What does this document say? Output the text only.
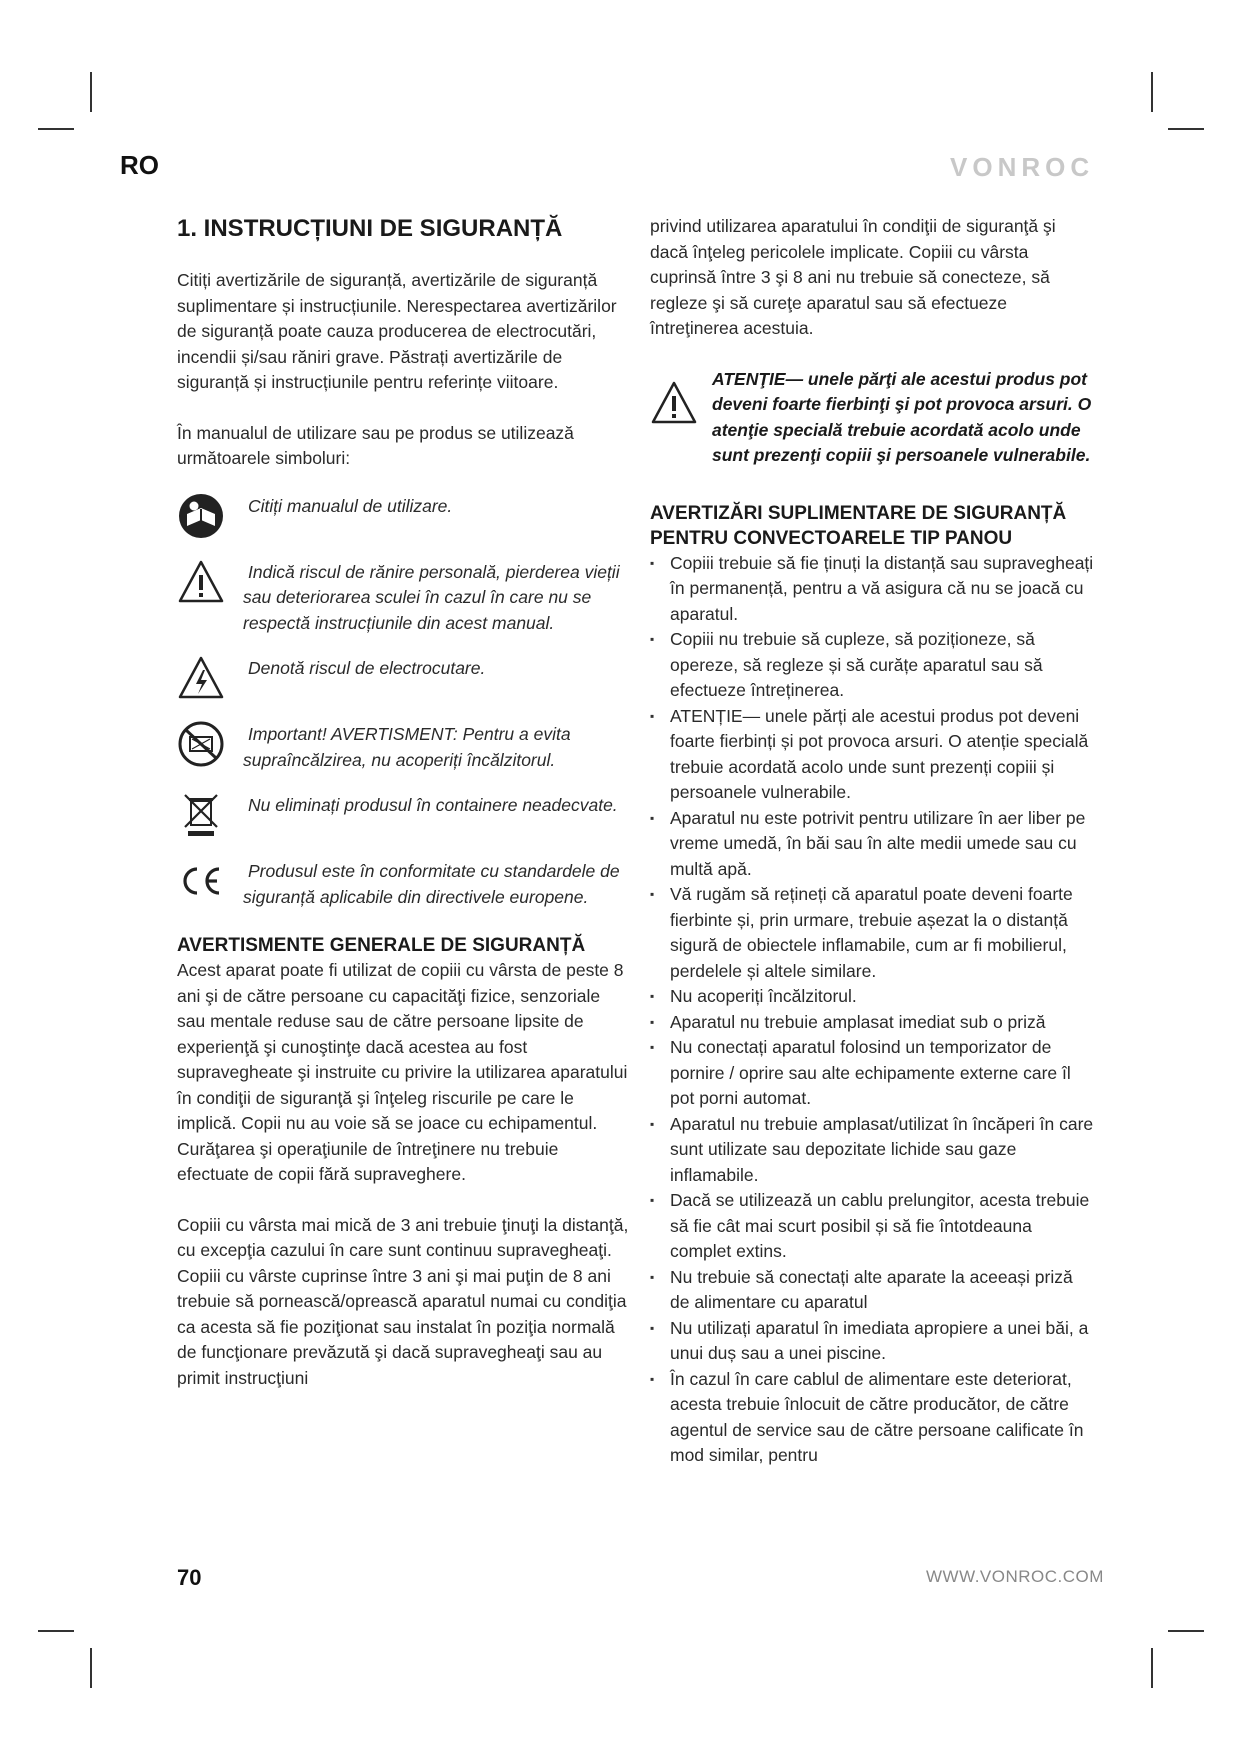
RO	VONROC
1. INSTRUCȚIUNI DE SIGURANȚĂ

Citiți avertizările de siguranță, avertizările de siguranță suplimentare și instrucțiunile. Nerespectarea avertizărilor de siguranță poate cauza producerea de electrocutări, incendii și/sau răniri grave. Păstrați avertizările de siguranță și instrucțiunile pentru referințe viitoare.

În manualul de utilizare sau pe produs se utilizează următoarele simboluri:

Citiți manualul de utilizare.
Indică riscul de rănire personală, pierderea vieții sau deteriorarea sculei în cazul în care nu se respectă instrucțiunile din acest manual.
Denotă riscul de electrocutare.
Important! AVERTISMENT: Pentru a evita supraîncălzirea, nu acoperiți încălzitorul.
Nu eliminați produsul în containere neadecvate.
Produsul este în conformitate cu standardele de siguranță aplicabile din directivele europene.
AVERTISMENTE GENERALE DE SIGURANȚĂ

Acest aparat poate fi utilizat de copiii cu vârsta de peste 8 ani şi de către persoane cu capacităţi fizice, senzoriale sau mentale reduse sau de către persoane lipsite de experienţă şi cunoştinţe dacă acestea au fost supravegheate şi instruite cu privire la utilizarea aparatului în condiţii de siguranţă şi înţeleg riscurile pe care le implică. Copii nu au voie să se joace cu echipamentul. Curăţarea şi operaţiunile de întreţinere nu trebuie efectuate de copii fără supraveghere.

Copiii cu vârsta mai mică de 3 ani trebuie ţinuţi la distanţă, cu excepţia cazului în care sunt continuu supravegheaţi.

Copiii cu vârste cuprinse între 3 ani şi mai puţin de 8 ani trebuie să pornească/oprească aparatul numai cu condiţia ca acesta să fie poziţionat sau instalat în poziţia normală de funcţionare prevăzută şi dacă supravegheaţi sau au primit instrucţiuni

privind utilizarea aparatului în condiţii de siguranţă şi dacă înţeleg pericolele implicate. Copiii cu vârsta cuprinsă între 3 şi 8 ani nu trebuie să conecteze, să regleze şi să cureţe aparatul sau să efectueze întreţinerea acestuia.

ATENŢIE— unele părţi ale acestui produs pot deveni foarte fierbinţi şi pot provoca arsuri. O atenţie specială trebuie acordată acolo unde sunt prezenţi copiii şi persoanele vulnerabile.
AVERTIZĂRI SUPLIMENTARE DE SIGURANȚĂ PENTRU CONVECTOARELE TIP PANOU
▪ Copiii trebuie să fie ținuți la distanță sau supravegheați în permanență, pentru a vă asigura că nu se joacă cu aparatul.
▪ Copiii nu trebuie să cupleze, să poziționeze, să opereze, să regleze și să curățe aparatul sau să efectueze întreținerea.
▪ ATENȚIE— unele părți ale acestui produs pot deveni foarte fierbinți și pot provoca arsuri. O atenție specială trebuie acordată acolo unde sunt prezenți copiii și persoanele vulnerabile.
▪ Aparatul nu este potrivit pentru utilizare în aer liber pe vreme umedă, în băi sau în alte medii umede sau cu multă apă.
▪ Vă rugăm să rețineți că aparatul poate deveni foarte fierbinte și, prin urmare, trebuie așezat la o distanță sigură de obiectele inflamabile, cum ar fi mobilierul, perdelele și altele similare.
▪ Nu acoperiți încălzitorul.
▪ Aparatul nu trebuie amplasat imediat sub o priză
▪ Nu conectați aparatul folosind un temporizator de pornire / oprire sau alte echipamente externe care îl pot porni automat.
▪ Aparatul nu trebuie amplasat/utilizat în încăperi în care sunt utilizate sau depozitate lichide sau gaze inflamabile.
▪ Dacă se utilizează un cablu prelungitor, acesta trebuie să fie cât mai scurt posibil și să fie întotdeauna complet extins.
▪ Nu trebuie să conectați alte aparate la aceeași priză de alimentare cu aparatul
▪ Nu utilizați aparatul în imediata apropiere a unei băi, a unui duș sau a unei piscine.
▪ În cazul în care cablul de alimentare este deteriorat, acesta trebuie înlocuit de către producător, de către agentul de service sau de către persoane calificate în mod similar, pentru
70	WWW.VONROC.COM
